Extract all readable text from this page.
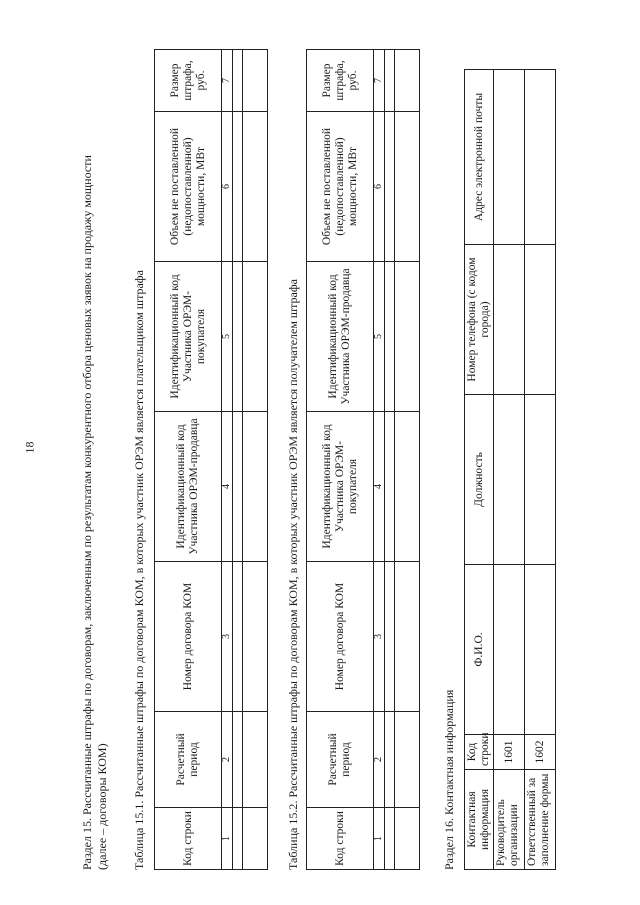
18	Раздел 15. Рассчитанные штрафы по договорам, заключенным по результатам конкурентного отбора ценовых заявок на продажу мощности (далее – договоры КОМ) Таблица 15.1. Рассчитанные штрафы по договорам КОМ, в которых участник ОРЭМ является плательщиком штрафа	Код строки	Расчетный период	Номер договора КОМ	Идентификационный код Участника ОРЭМ-продавца	Идентификационный код Участника ОРЭМ-покупателя	Объем не поставленной (недопоставленной) мощности, МВт	Размер штрафа, руб.
1	2	3	4	5	6	7

Таблица 15.2. Рассчитанные штрафы по договорам КОМ, в которых участник ОРЭМ является получателем штрафа	Код строки	Расчетный период	Номер договора КОМ	Идентификационный код Участника ОРЭМ-покупателя	Идентификационный код Участника ОРЭМ-продавца	Объем не поставленной (недопоставленной) мощности, МВт	Размер штрафа, руб.
1	2	3	4	5	6	7

Раздел 16. Контактная информация Контактная информация	Код строки	Ф.И.О.	Должность	Номер телефона (с кодом города)	Адрес электронной почты
Руководитель организации	1601				
Ответственный за заполнение формы	1602				
